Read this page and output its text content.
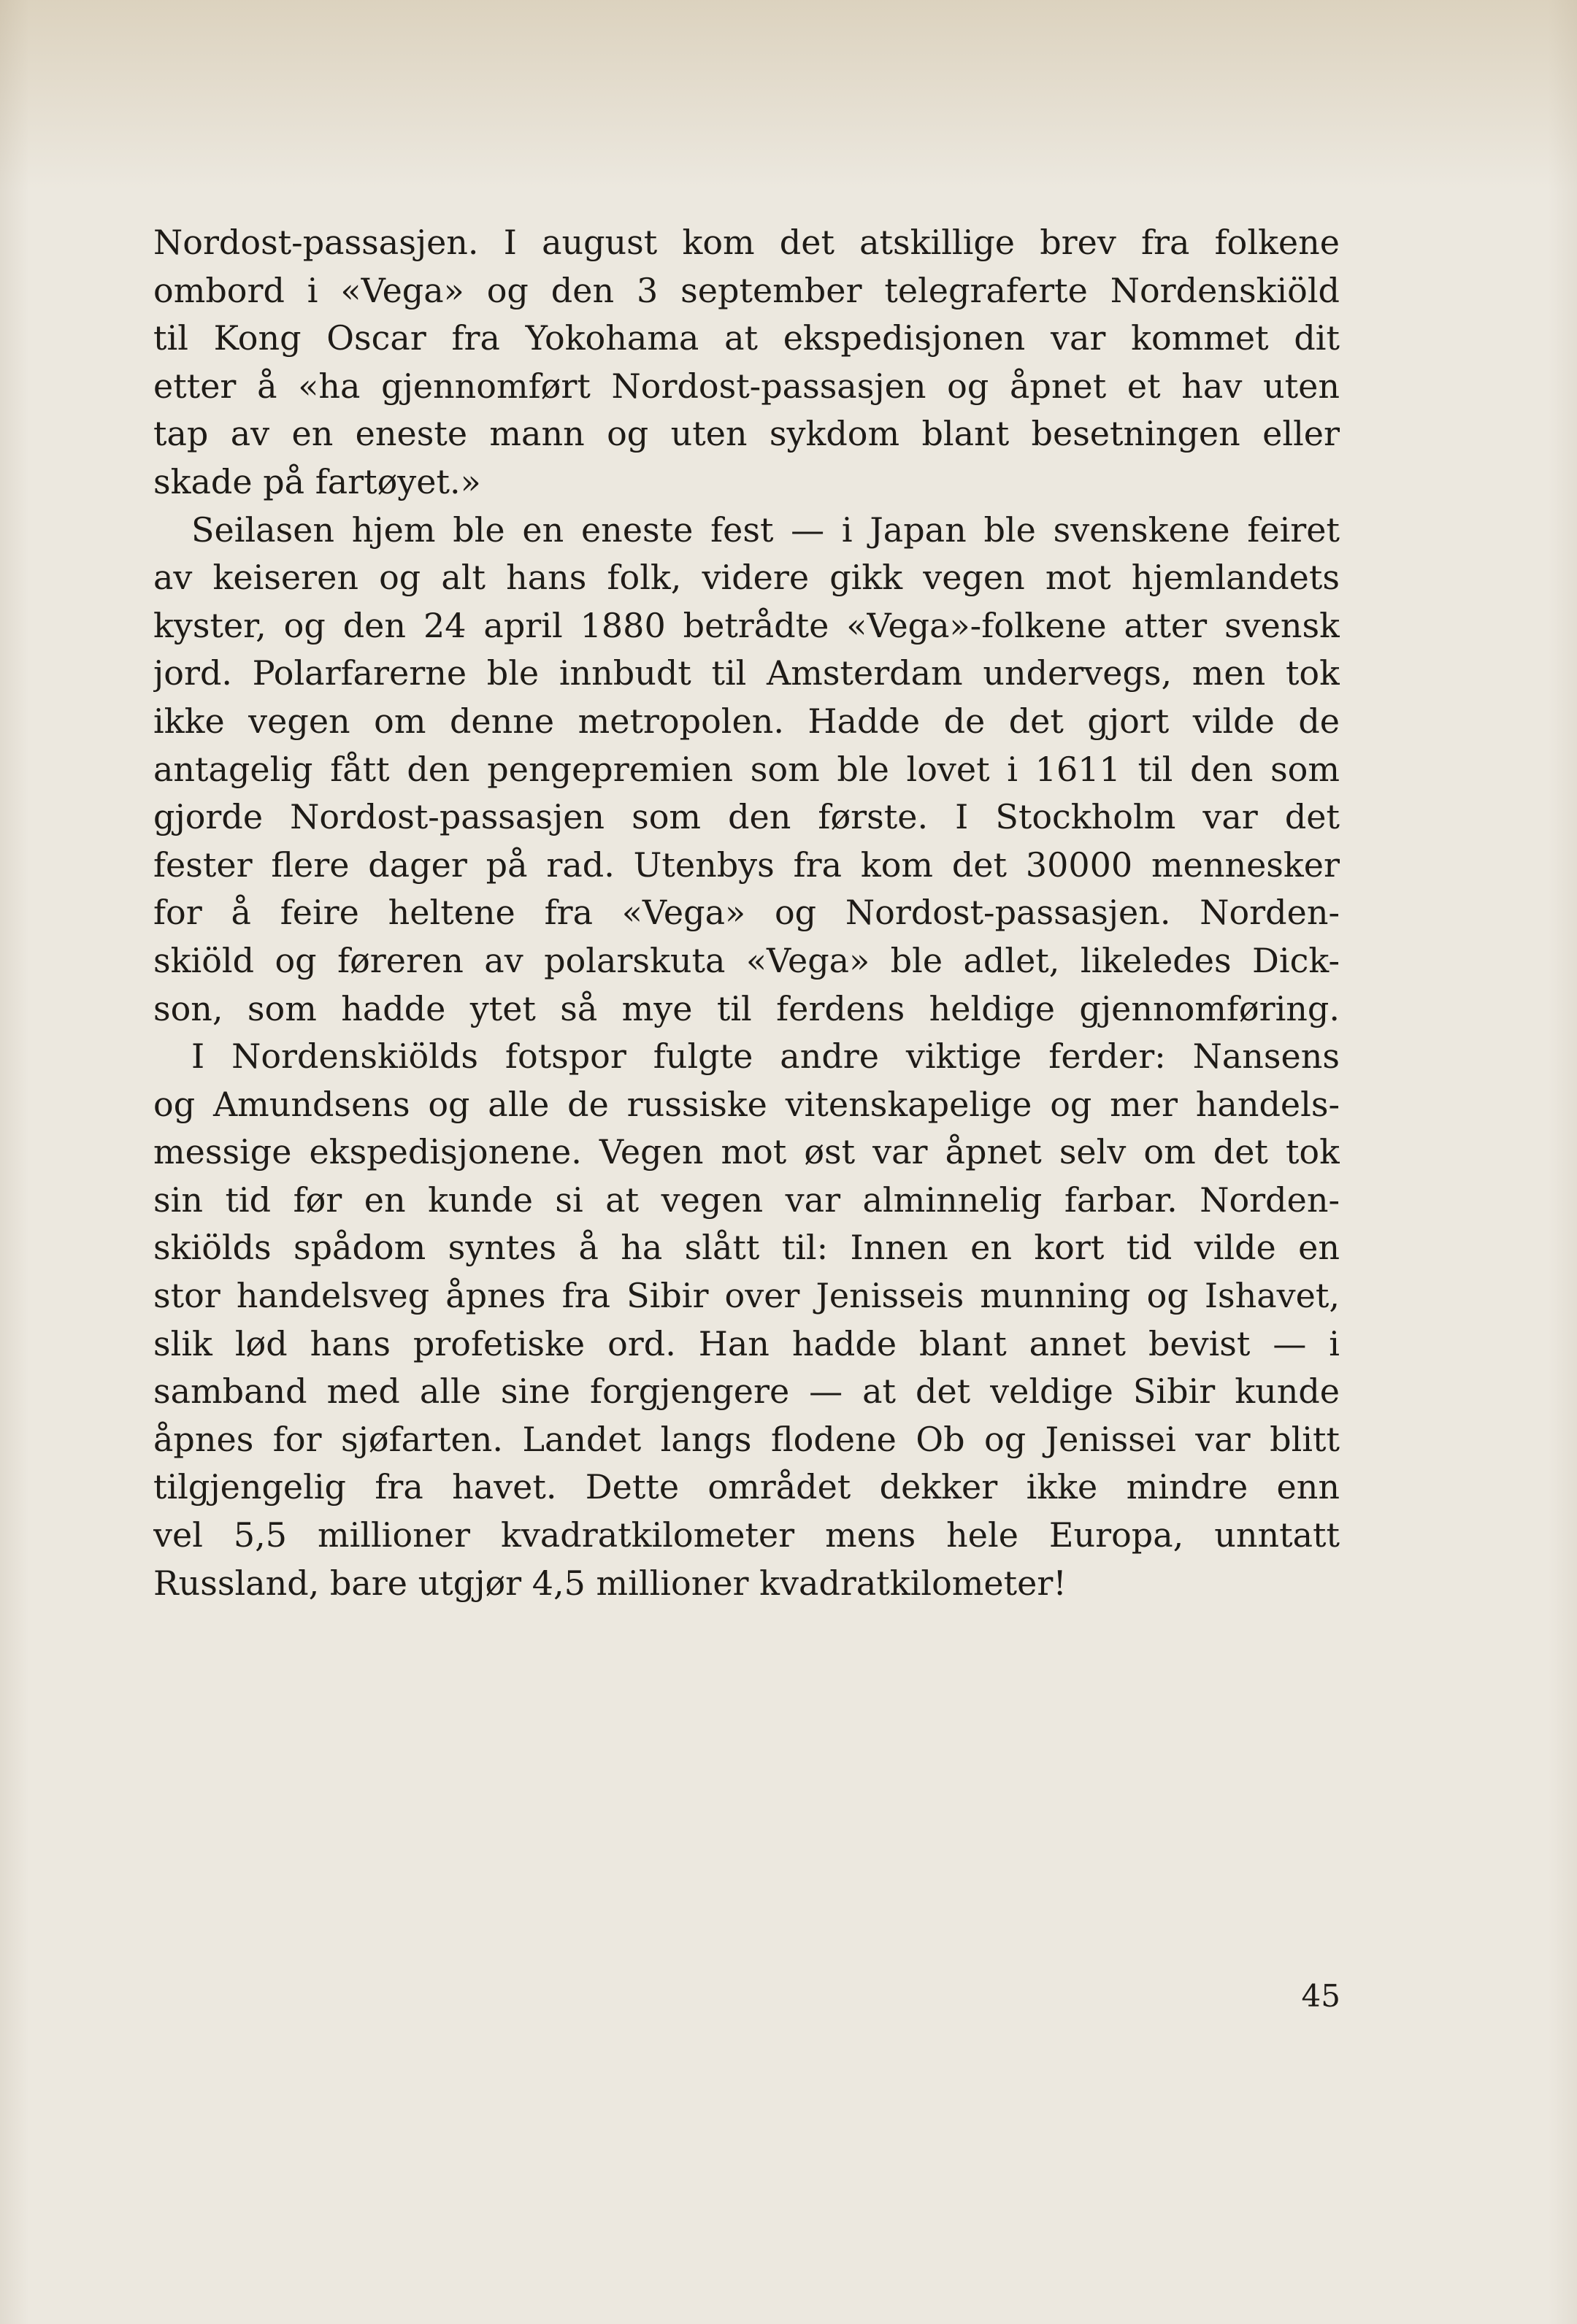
Nordost-passasjen. I august kom det atskillige brev fra folkene
ombord i «Vega» og den 3 september telegraferte Nordenskiöld
til Kong Oscar fra Yokohama at ekspedisjonen var kommet dit
etter å «ha gjennomført Nordost-passasjen og åpnet et hav uten
tap av en eneste mann og uten sykdom blant besetningen eller
skade på fartøyet.»
Seilasen hjem ble en eneste fest — i Japan ble svenskene feiret
av keiseren og alt hans folk, videre gikk vegen mot hjemlandets
kyster, og den 24 april 1880 betrådte «Vega»-folkene atter svensk
jord. Polarfarerne ble innbudt til Amsterdam undervegs, men tok
ikke vegen om denne metropolen. Hadde de det gjort vilde de
antagelig fått den pengepremien som ble lovet i 1611 til den som
gjorde Nordost-passasjen som den første. I Stockholm var det
fester flere dager på rad. Utenbys fra kom det 30000 mennesker
for å feire heltene fra «Vega» og Nordost-passasjen. Norden-
skiöld og føreren av polarskuta «Vega» ble adlet, likeledes Dick-
son, som hadde ytet så mye til ferdens heldige gjennomføring.
I Nordenskiölds fotspor fulgte andre viktige ferder: Nansens
og Amundsens og alle de russiske vitenskapelige og mer handels-
messige ekspedisjonene. Vegen mot øst var åpnet selv om det tok
sin tid før en kunde si at vegen var alminnelig farbar. Norden-
skiölds spådom syntes å ha slått til: Innen en kort tid vilde en
stor handelsveg åpnes fra Sibir over Jenisseis munning og Ishavet,
slik lød hans profetiske ord. Han hadde blant annet bevist — i
samband med alle sine forgjengere — at det veldige Sibir kunde
åpnes for sjøfarten. Landet langs flodene Ob og Jenissei var blitt
tilgjengelig fra havet. Dette området dekker ikke mindre enn
vel 5,5 millioner kvadratkilometer mens hele Europa, unntatt
Russland, bare utgjør 4,5 millioner kvadratkilometer!
45
